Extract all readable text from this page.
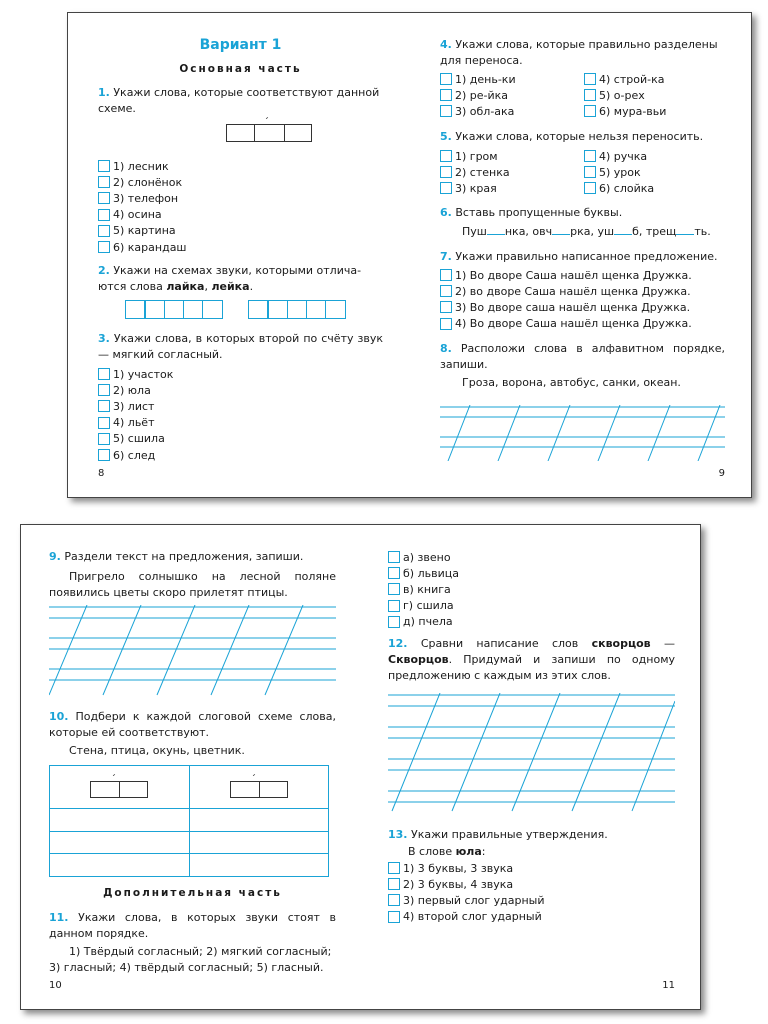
Вариант 1
Основная часть
1. Укажи слова, которые соответствуют данной схеме.
´
1) лесник
2) слонёнок
3) телефон
4) осина
5) картина
6) карандаш
2. Укажи на схемах звуки, которыми отлича-
ются слова лайка, лейка.
3. Укажи слова, в которых второй по счёту звук — мягкий согласный.
1) участок
2) юла
3) лист
4) льёт
5) сшила
6) след
8
4. Укажи слова, которые правильно разделены для переноса.
1) день-ки
2) ре-йка
3) обл-ака
4) строй-ка
5) о-рех
6) мура-вьи
5. Укажи слова, которые нельзя переносить.
1) гром
2) стенка
3) края
4) ручка
5) урок
6) слойка
6. Вставь пропущенные буквы.
Пуш нка, овч рка, уш б, трещ ть.
7. Укажи правильно написанное предложение.
1) Во дворе Саша нашёл щенка Дружка.
2) во дворе Саша нашёл щенка Дружка.
3) Во дворе саша нашёл щенка Дружка.
4) Во дворе Саша нашёл щенка Дружка.
8. Расположи слова в алфавитном порядке, запиши.
Гроза, ворона, автобус, санки, океан.
9
9. Раздели текст на предложения, запиши.
Пригрело солнышко на лесной поляне появились цветы скоро прилетят птицы.
10. Подбери к каждой слоговой схеме слова, которые ей соответствуют.
Стена, птица, окунь, цветник.
´	´
Дополнительная часть
11. Укажи слова, в которых звуки стоят в данном порядке.
1) Твёрдый согласный; 2) мягкий согласный;
3) гласный; 4) твёрдый согласный; 5) гласный.
10
а) звено
б) львица
в) книга
г) сшила
д) пчела
12. Сравни написание слов скворцов — Скворцов. Придумай и запиши по одному предложению с каждым из этих слов.
13. Укажи правильные утверждения.
В слове юла:
1) 3 буквы, 3 звука
2) 3 буквы, 4 звука
3) первый слог ударный
4) второй слог ударный
11
